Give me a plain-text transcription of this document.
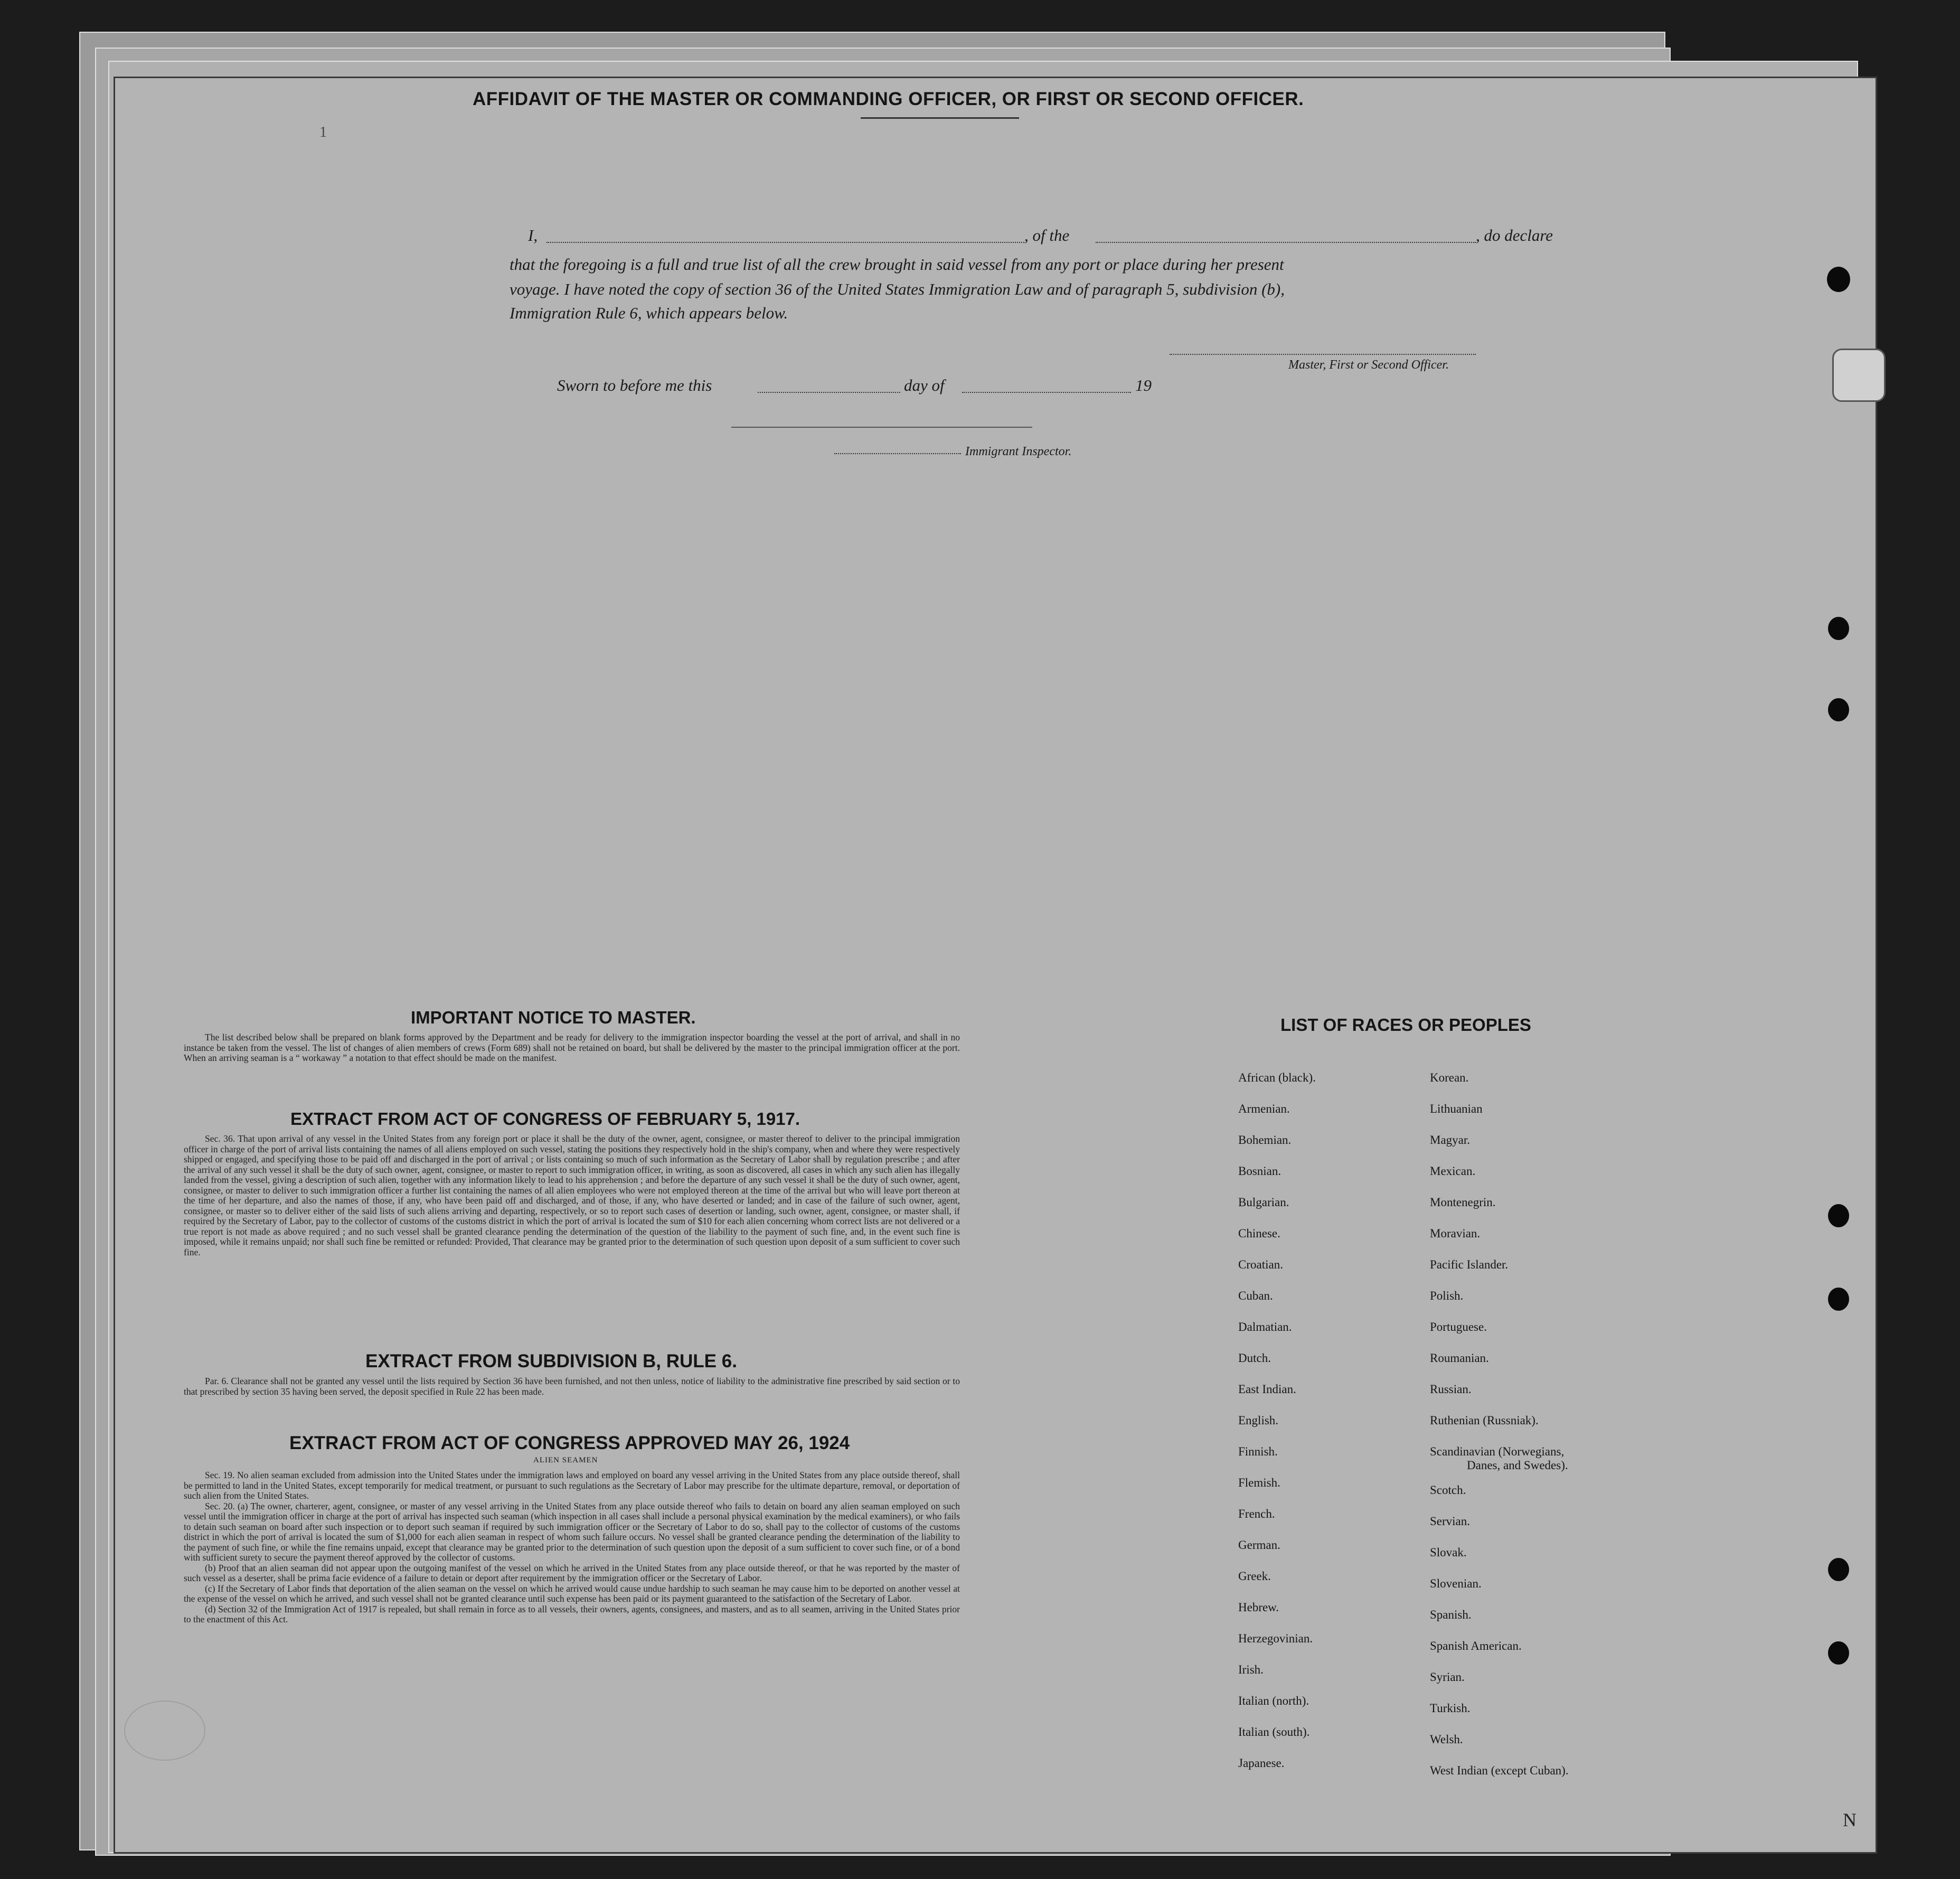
AFFIDAVIT OF THE MASTER OR COMMANDING OFFICER, OR FIRST OR SECOND OFFICER.
I,	, of the	, do declare
that the foregoing is a full and true list of all the crew brought in said vessel from any port or place during her present
voyage. I have noted the copy of section 36 of the United States Immigration Law and of paragraph 5, subdivision (b),
Immigration Rule 6, which appears below.
Master, First or Second Officer.
Sworn to before me this	day of	19
Immigrant Inspector.
IMPORTANT NOTICE TO MASTER.

The list described below shall be prepared on blank forms approved by the Department and be ready for delivery to the immigration inspector boarding the vessel at the port of arrival, and shall in no instance be taken from the vessel. The list of changes of alien members of crews (Form 689) shall not be retained on board, but shall be delivered by the master to the principal immigration officer at the port. When an arriving seaman is a “ workaway ” a notation to that effect should be made on the manifest.

EXTRACT FROM ACT OF CONGRESS OF FEBRUARY 5, 1917.

Sec. 36. That upon arrival of any vessel in the United States from any foreign port or place it shall be the duty of the owner, agent, consignee, or master thereof to deliver to the principal immigration officer in charge of the port of arrival lists containing the names of all aliens employed on such vessel, stating the positions they respectively hold in the ship's company, when and where they were respectively shipped or engaged, and specifying those to be paid off and discharged in the port of arrival ; or lists containing so much of such information as the Secretary of Labor shall by regulation prescribe ; and after the arrival of any such vessel it shall be the duty of such owner, agent, consignee, or master to report to such immigration officer, in writing, as soon as discovered, all cases in which any such alien has illegally landed from the vessel, giving a description of such alien, together with any information likely to lead to his apprehension ; and before the departure of any such vessel it shall be the duty of such owner, agent, consignee, or master to deliver to such immigration officer a further list containing the names of all alien employees who were not employed thereon at the time of the arrival but who will leave port thereon at the time of her departure, and also the names of those, if any, who have been paid off and discharged, and of those, if any, who have deserted or landed; and in case of the failure of such owner, agent, consignee, or master so to deliver either of the said lists of such aliens arriving and departing, respectively, or so to report such cases of desertion or landing, such owner, agent, consignee, or master shall, if required by the Secretary of Labor, pay to the collector of customs of the customs district in which the port of arrival is located the sum of $10 for each alien concerning whom correct lists are not delivered or a true report is not made as above required ; and no such vessel shall be granted clearance pending the determination of the question of the liability to the payment of such fine, and, in the event such fine is imposed, while it remains unpaid; nor shall such fine be remitted or refunded: Provided, That clearance may be granted prior to the determination of such question upon deposit of a sum sufficient to cover such fine.

EXTRACT FROM SUBDIVISION B, RULE 6.

Par. 6. Clearance shall not be granted any vessel until the lists required by Section 36 have been furnished, and not then unless, notice of liability to the administrative fine prescribed by said section or to that prescribed by section 35 having been served, the deposit specified in Rule 22 has been made.

EXTRACT FROM ACT OF CONGRESS APPROVED MAY 26, 1924
ALIEN SEAMEN

Sec. 19. No alien seaman excluded from admission into the United States under the immigration laws and employed on board any vessel arriving in the United States from any place outside thereof, shall be permitted to land in the United States, except temporarily for medical treatment, or pursuant to such regulations as the Secretary of Labor may prescribe for the ultimate departure, removal, or deportation of such alien from the United States.

Sec. 20. (a) The owner, charterer, agent, consignee, or master of any vessel arriving in the United States from any place outside thereof who fails to detain on board any alien seaman employed on such vessel until the immigration officer in charge at the port of arrival has inspected such seaman (which inspection in all cases shall include a personal physical examination by the medical examiners), or who fails to detain such seaman on board after such inspection or to deport such seaman if required by such immigration officer or the Secretary of Labor to do so, shall pay to the collector of customs of the customs district in which the port of arrival is located the sum of $1,000 for each alien seaman in respect of whom such failure occurs. No vessel shall be granted clearance pending the determination of the liability to the payment of such fine, or while the fine remains unpaid, except that clearance may be granted prior to the determination of such question upon the deposit of a sum sufficient to cover such fine, or of a bond with sufficient surety to secure the payment thereof approved by the collector of customs.

(b) Proof that an alien seaman did not appear upon the outgoing manifest of the vessel on which he arrived in the United States from any place outside thereof, or that he was reported by the master of such vessel as a deserter, shall be prima facie evidence of a failure to detain or deport after requirement by the immigration officer or the Secretary of Labor.

(c) If the Secretary of Labor finds that deportation of the alien seaman on the vessel on which he arrived would cause undue hardship to such seaman he may cause him to be deported on another vessel at the expense of the vessel on which he arrived, and such vessel shall not be granted clearance until such expense has been paid or its payment guaranteed to the satisfaction of the Secretary of Labor.

(d) Section 32 of the Immigration Act of 1917 is repealed, but shall remain in force as to all vessels, their owners, agents, consignees, and masters, and as to all seamen, arriving in the United States prior to the enactment of this Act.

LIST OF RACES OR PEOPLES
African (black).
Armenian.
Bohemian.
Bosnian.
Bulgarian.
Chinese.
Croatian.
Cuban.
Dalmatian.
Dutch.
East Indian.
English.
Finnish.
Flemish.
French.
German.
Greek.
Hebrew.
Herzegovinian.
Irish.
Italian (north).
Italian (south).
Japanese.
Korean.
Lithuanian
Magyar.
Mexican.
Montenegrin.
Moravian.
Pacific Islander.
Polish.
Portuguese.
Roumanian.
Russian.
Ruthenian (Russniak).
Scandinavian (Norwegians,
Danes, and Swedes).
Scotch.
Servian.
Slovak.
Slovenian.
Spanish.
Spanish American.
Syrian.
Turkish.
Welsh.
West Indian (except Cuban).
1
N
